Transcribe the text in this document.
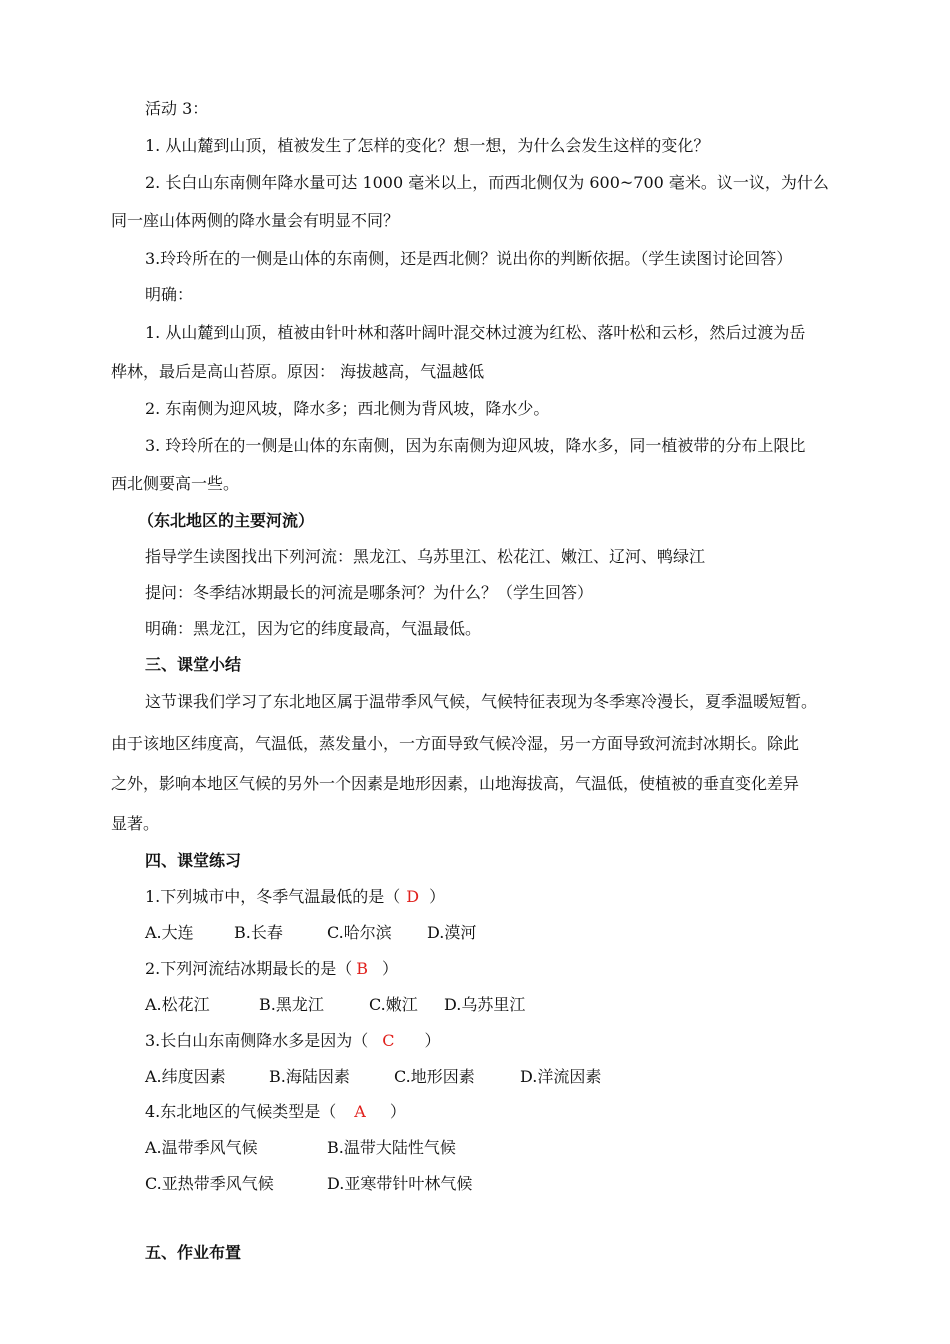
活动 3：
1. 从山麓到山顶，植被发生了怎样的变化？想一想，为什么会发生这样的变化？
2. 长白山东南侧年降水量可达 1000 毫米以上，而西北侧仅为 600~700 毫米。议一议，为什么
同一座山体两侧的降水量会有明显不同？
3.玲玲所在的一侧是山体的东南侧，还是西北侧？说出你的判断依据。（学生读图讨论回答）
明确：
1. 从山麓到山顶，植被由针叶林和落叶阔叶混交林过渡为红松、落叶松和云杉，然后过渡为岳
桦林，最后是高山苔原。原因： 海拔越高，气温越低
2. 东南侧为迎风坡，降水多；西北侧为背风坡，降水少。
3. 玲玲所在的一侧是山体的东南侧，因为东南侧为迎风坡，降水多，同一植被带的分布上限比
西北侧要高一些。
（东北地区的主要河流）
指导学生读图找出下列河流：黑龙江、乌苏里江、松花江、嫩江、辽河、鸭绿江
提问：冬季结冰期最长的河流是哪条河？为什么？（学生回答）
明确：黑龙江，因为它的纬度最高，气温最低。
三、课堂小结
这节课我们学习了东北地区属于温带季风气候，气候特征表现为冬季寒冷漫长，夏季温暖短暂。
由于该地区纬度高，气温低，蒸发量小，一方面导致气候冷湿，另一方面导致河流封冰期长。除此
之外，影响本地区气候的另外一个因素是地形因素，山地海拔高，气温低，使植被的垂直变化差异
显著。
四、课堂练习
1.下列城市中，冬季气温最低的是（ D ）
A.大连	B.长春	C.哈尔滨 D.漠河
2.下列河流结冰期最长的是（ B ）
A.松花江	B.黑龙江	C.嫩江 D.乌苏里江
3.长白山东南侧降水多是因为（ C ）
A.纬度因素	B.海陆因素	C.地形因素	D.洋流因素
4.东北地区的气候类型是（ A ）
A.温带季风气候	B.温带大陆性气候
C.亚热带季风气候	D.亚寒带针叶林气候
五、作业布置
